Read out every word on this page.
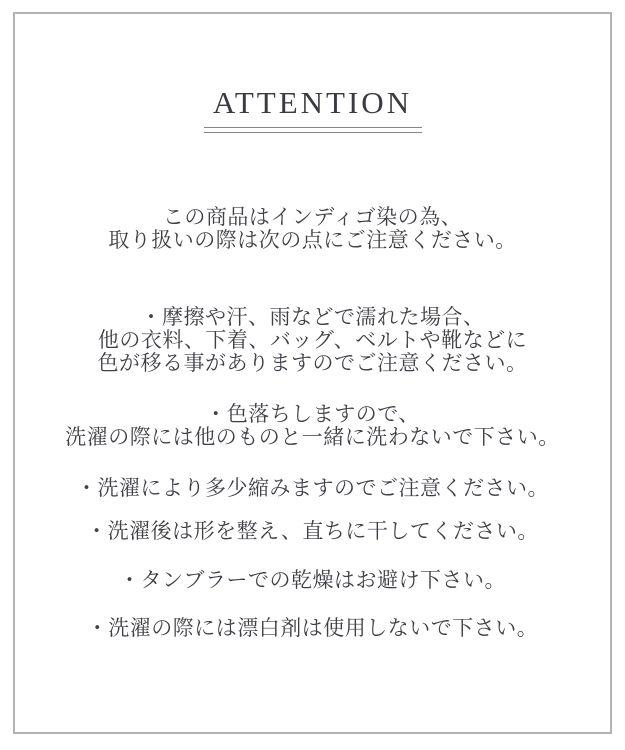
ATTENTION

この商品はインディゴ染の為、
取り扱いの際は次の点にご注意ください。

・摩擦や汗、雨などで濡れた場合、
他の衣料、下着、バッグ、ベルトや靴などに
色が移る事がありますのでご注意ください。

・色落ちしますので、
洗濯の際には他のものと一緒に洗わないで下さい。

・洗濯により多少縮みますのでご注意ください。

・洗濯後は形を整え、直ちに干してください。

・タンブラーでの乾燥はお避け下さい。

・洗濯の際には漂白剤は使用しないで下さい。
